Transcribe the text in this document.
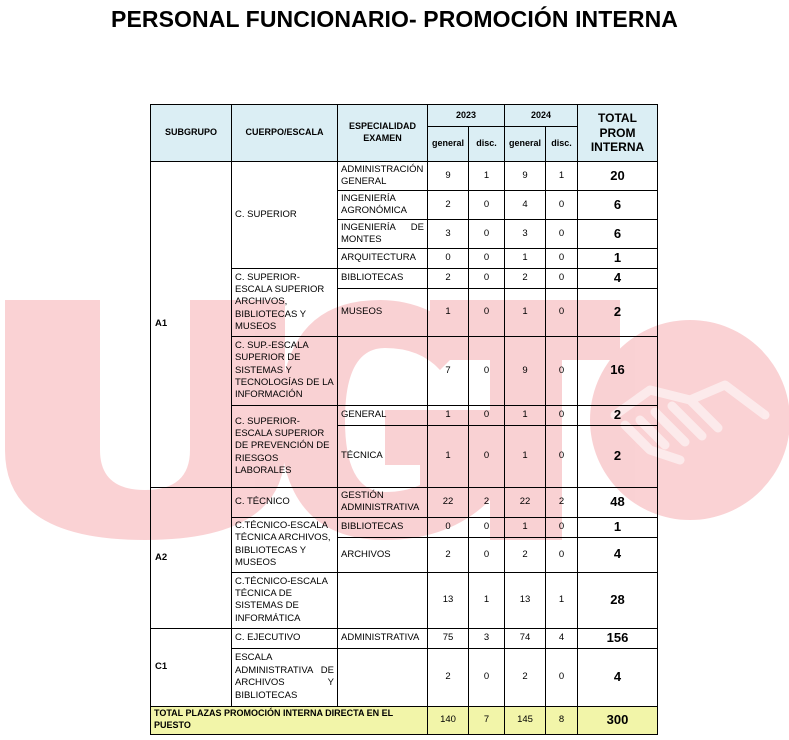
PERSONAL FUNCIONARIO- PROMOCIÓN INTERNA
SUBGRUPO	CUERPO/ESCALA	ESPECIALIDAD EXAMEN	2023		2024		TOTAL PROM INTERNA
			general	disc.	general	disc.	
A1	C. SUPERIOR	ADMINISTRACIÓN GENERAL	9	1	9	1	20
		INGENIERÍA AGRONÓMICA	2	0	4	0	6
		INGENIERÍA DE MONTES	3	0	3	0	6
		ARQUITECTURA	0	0	1	0	1
	C. SUPERIOR-ESCALA SUPERIOR ARCHIVOS, BIBLIOTECAS Y MUSEOS	BIBLIOTECAS	2	0	2	0	4
		MUSEOS	1	0	1	0	2
	C. SUP.-ESCALA SUPERIOR DE SISTEMAS Y TECNOLOGÍAS DE LA INFORMACIÓN		7	0	9	0	16
	C. SUPERIOR-ESCALA SUPERIOR DE PREVENCIÓN DE RIESGOS LABORALES	GENERAL	1	0	1	0	2
		TÉCNICA	1	0	1	0	2
A2	C. TÉCNICO	GESTIÓN ADMINISTRATIVA	22	2	22	2	48
	C.TÉCNICO-ESCALA TÉCNICA ARCHIVOS, BIBLIOTECAS Y MUSEOS	BIBLIOTECAS	0	0	1	0	1
		ARCHIVOS	2	0	2	0	4
	C.TÉCNICO-ESCALA TÉCNICA DE SISTEMAS DE INFORMÁTICA		13	1	13	1	28
C1	C. EJECUTIVO	ADMINISTRATIVA	75	3	74	4	156
	ESCALA ADMINISTRATIVA DE ARCHIVOS Y BIBLIOTECAS		2	0	2	0	4
TOTAL PLAZAS PROMOCIÓN INTERNA DIRECTA EN EL PUESTO			140	7	145	8	300
